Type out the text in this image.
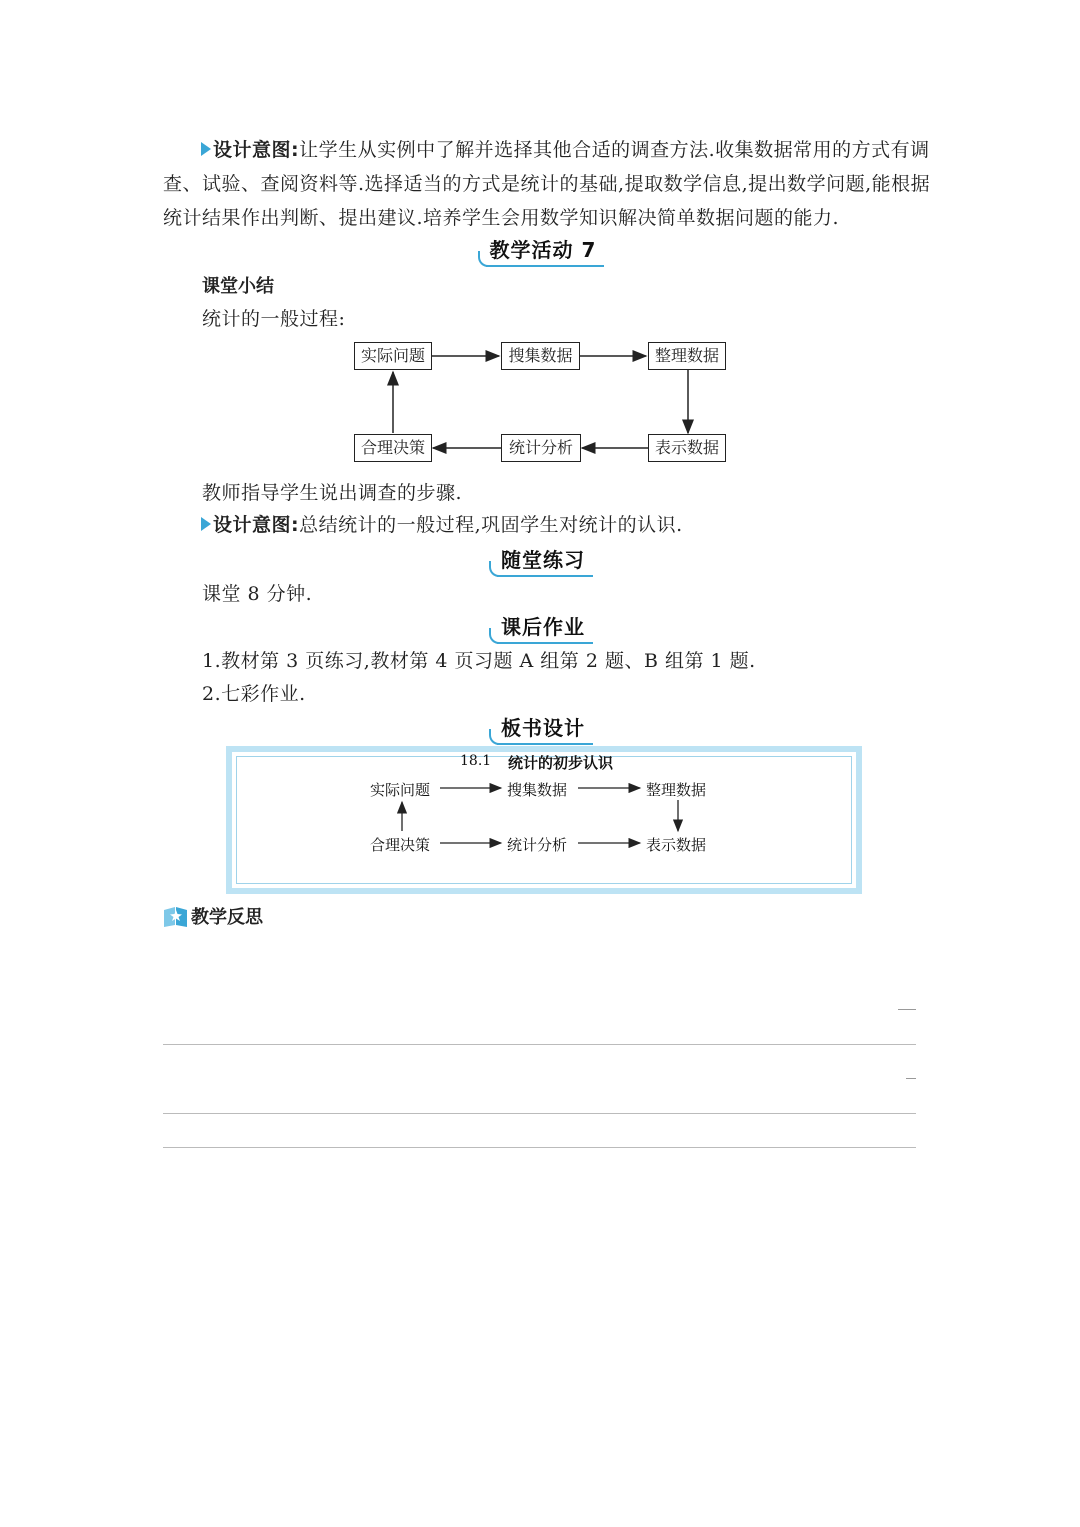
设计意图:让学生从实例中了解并选择其他合适的调查方法.收集数据常用的方式有调
查、试验、查阅资料等.选择适当的方式是统计的基础,提取数学信息,提出数学问题,能根据
统计结果作出判断、提出建议.培养学生会用数学知识解决简单数据问题的能力.
教学活动 7
课堂小结
统计的一般过程:
实际问题	搜集数据	整理数据
表示数据
统计分析
合理决策
教师指导学生说出调查的步骤.
设计意图:总结统计的一般过程,巩固学生对统计的认识.
随堂练习
课堂 8 分钟.
课后作业
1.教材第 3 页练习,教材第 4 页习题 A 组第 2 题、B 组第 1 题.
2.七彩作业.
板书设计
18.1 统计的初步认识
实际问题	搜集数据	整理数据
合理决策	统计分析	表示数据
教学反思
